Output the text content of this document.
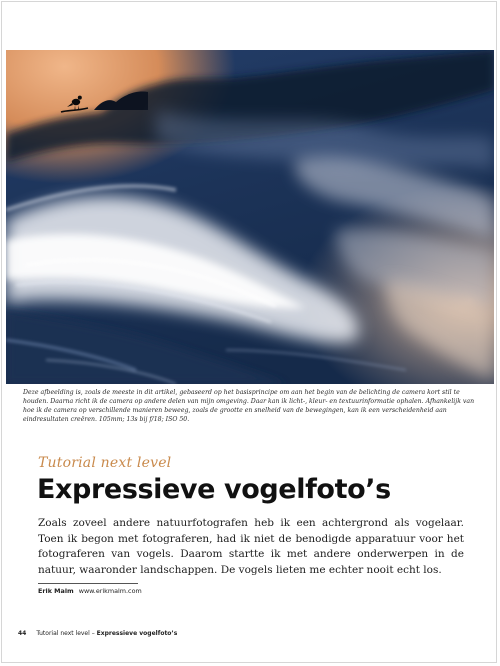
Deze afbeelding is, zoals de meeste in dit artikel, gebaseerd op het basisprincipe om aan het begin van de belichting de camera kort stil te houden. Daarna richt ik de camera op andere delen van mijn omgeving. Daar kan ik licht-, kleur- en textuurinformatie ophalen. Afhankelijk van hoe ik de camera op verschillende manieren beweeg, zoals de grootte en snelheid van de bewegingen, kan ik een verscheidenheid aan eindresultaten creëren. 105mm; 13s bij f/18; ISO 50.
Tutorial next level
Expressieve vogelfoto’s
Zoals zoveel andere natuurfotografen heb ik een achtergrond als vogelaar. Toen ik begon met fotograferen, had ik niet de benodigde apparatuur voor het fotograferen van vogels. Daarom startte ik met andere onderwerpen in de natuur, waaronder landschappen. De vogels lieten me echter nooit echt los.
Erik Malm www.erikmalm.com
44 Tutorial next level – Expressieve vogelfoto’s
